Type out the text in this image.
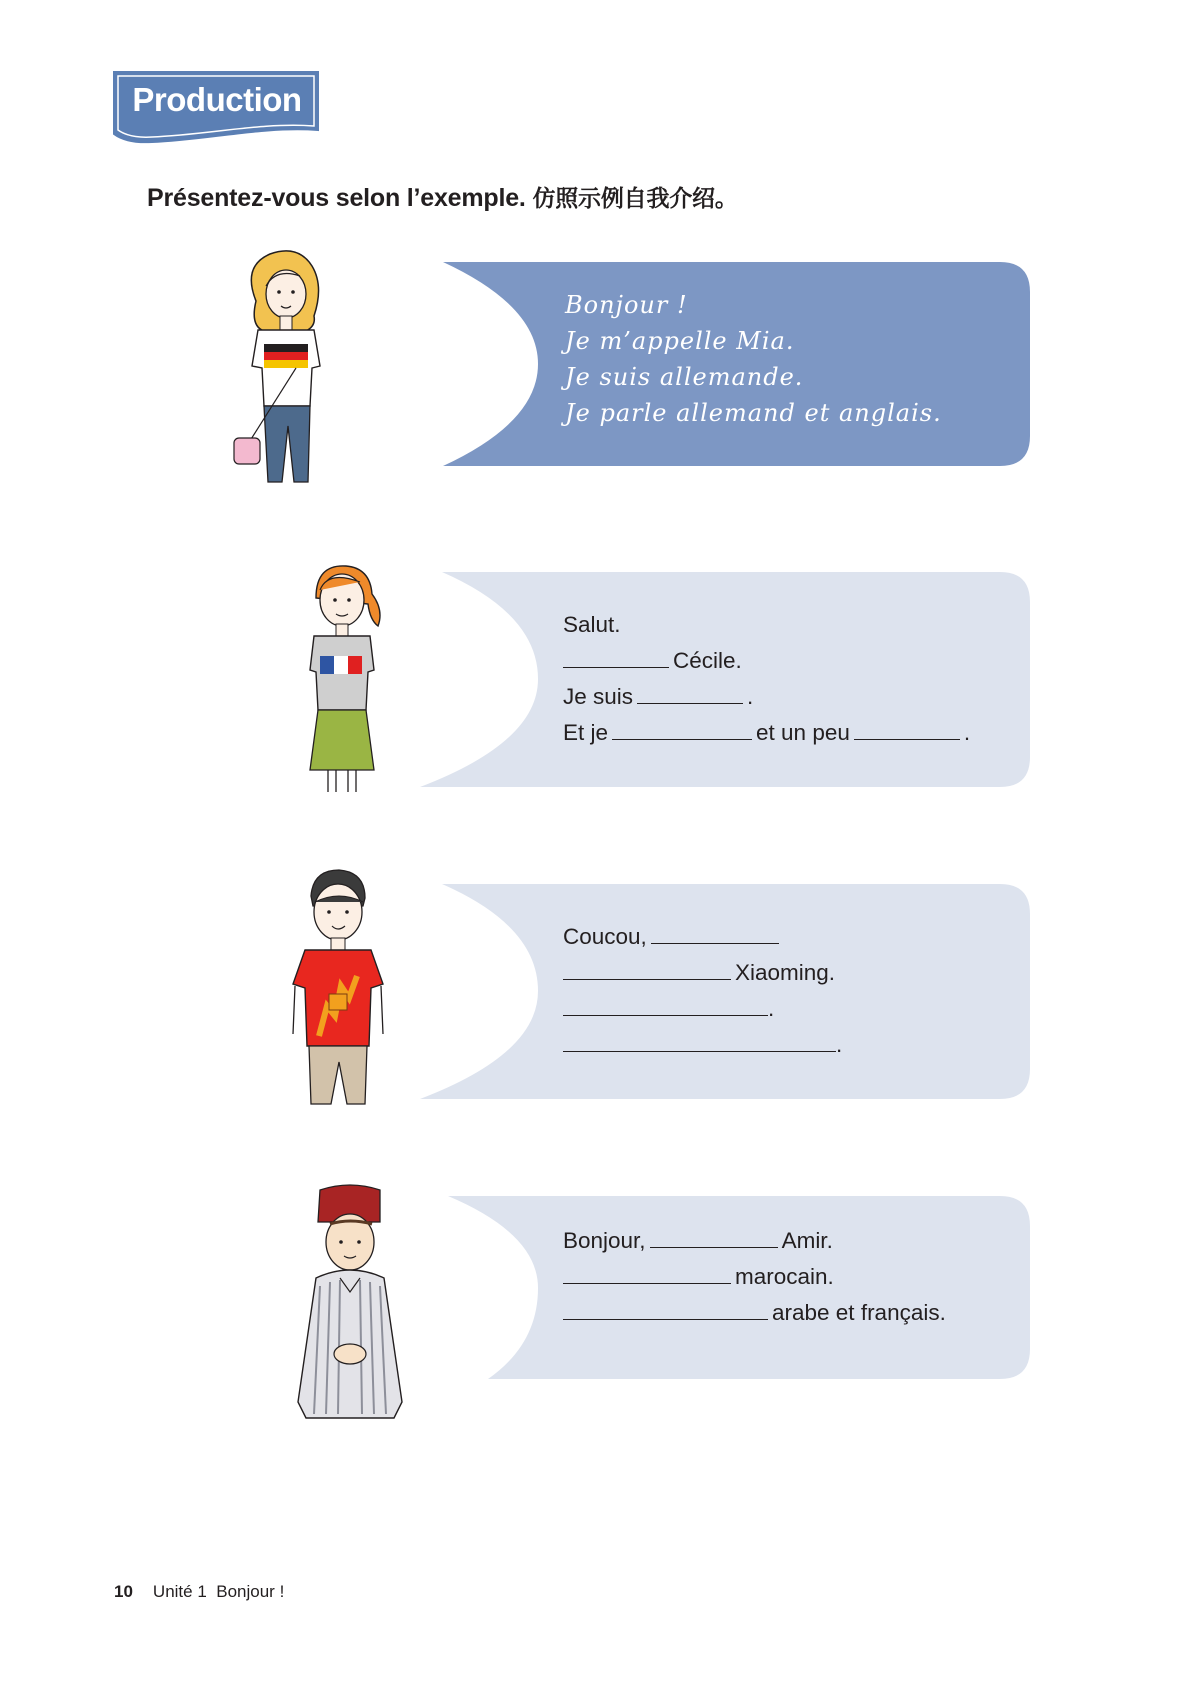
Production
Présentez-vous selon l’exemple. 仿照示例自我介绍。
Bonjour !
Je m’appelle Mia.
Je suis allemande.
Je parle allemand et anglais.
Salut.
Cécile.
Je suis	.
Et je	et un peu	.
Coucou,
Xiaoming.
.
.
Bonjour,	Amir.
marocain.
arabe et français.
10 Unité 1 Bonjour !
